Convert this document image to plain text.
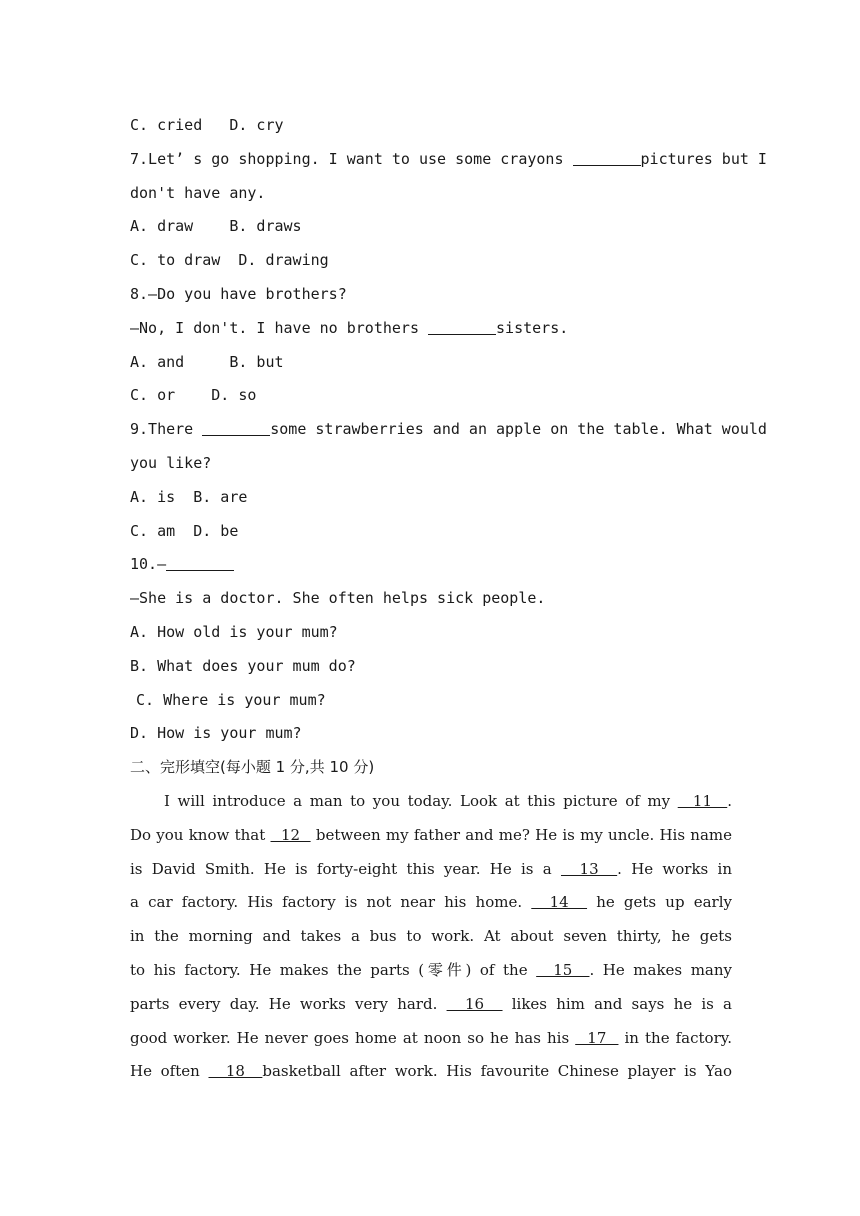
C. cried   D. cry
7.Let’ s go shopping. I want to use some crayons	pictures but I
don't have any.
A. draw    B. draws
C. to draw  D. drawing
8.—Do you have brothers?
—No, I don't. I have no brothers	sisters.
A. and     B. but
C. or    D. so
9.There	some strawberries and an apple on the table. What would
you like?
A. is  B. are
C. am  D. be
10.—
—She is a doctor. She often helps sick people.
A. How old is your mum?
B. What does your mum do?
C. Where is your mum?
D. How is your mum?
二、完形填空(每小题 1 分,共 10 分)
I will introduce a man to you today. Look at this picture of my   11  .
Do you know that   12   between my father and me? He is my uncle. His name
is David Smith. He is forty-eight this year. He is a   13  . He works in
a car factory. His factory is not near his home.   14   he gets up early
in the morning and takes a bus to work. At about seven thirty, he gets
to his factory. He makes the parts (零件) of the   15  . He makes many
parts every day. He works very hard.   16   likes him and says he is a
good worker. He never goes home at noon so he has his   17   in the factory.
He often   18  basketball after work. His favourite Chinese player is Yao
